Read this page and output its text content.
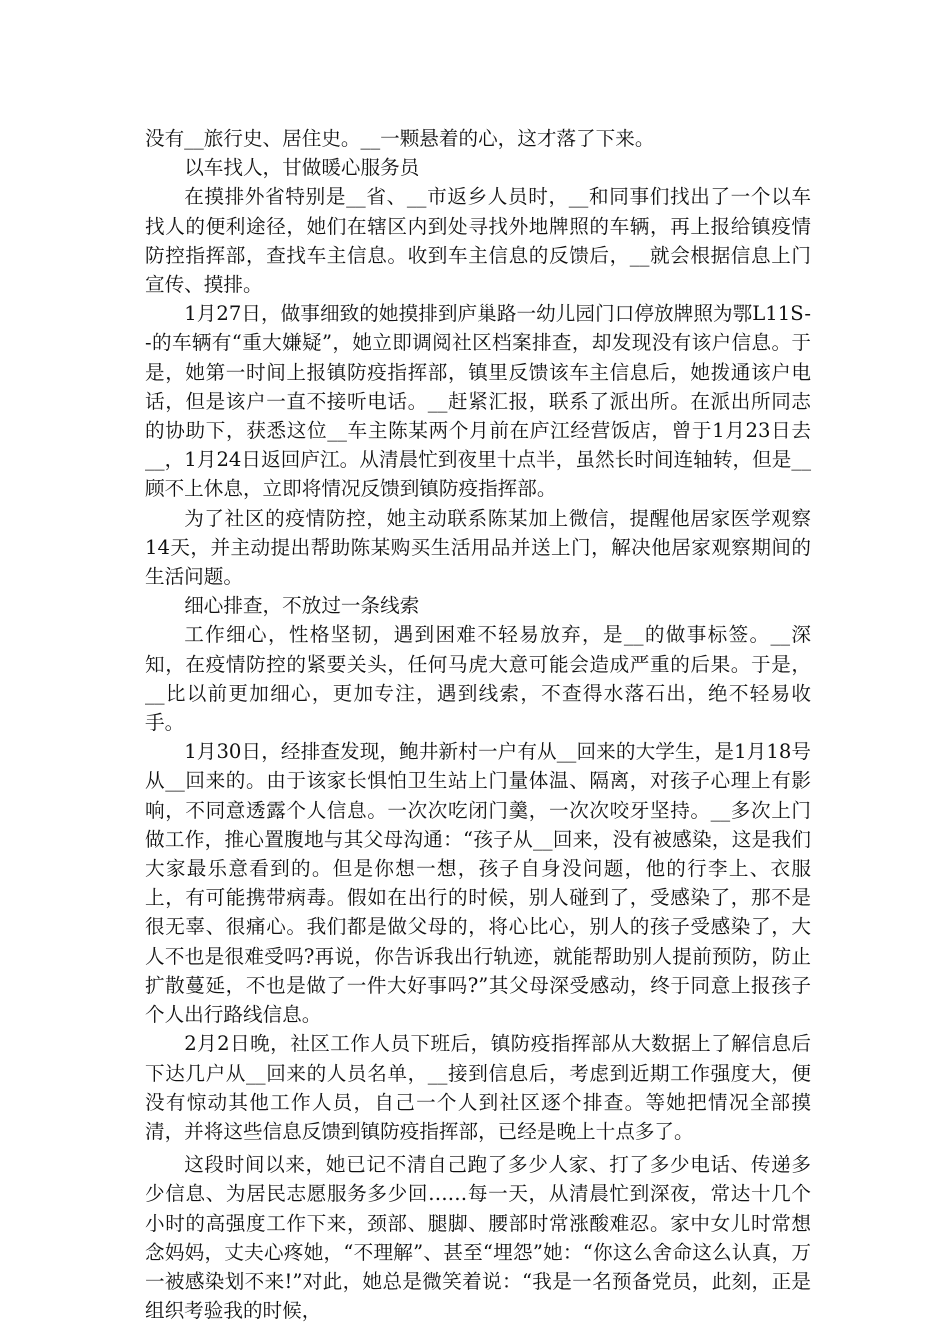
没有__旅行史、居住史。__一颗悬着的心，这才落了下来。

以车找人，甘做暖心服务员

在摸排外省特别是__省、__市返乡人员时，__和同事们找出了一个以车找人的便利途径，她们在辖区内到处寻找外地牌照的车辆，再上报给镇疫情防控指挥部，查找车主信息。收到车主信息的反馈后，__就会根据信息上门宣传、摸排。

1月27日，做事细致的她摸排到庐巢路一幼儿园门口停放牌照为鄂L11S--的车辆有“重大嫌疑”，她立即调阅社区档案排查，却发现没有该户信息。于是，她第一时间上报镇防疫指挥部，镇里反馈该车主信息后，她拨通该户电话，但是该户一直不接听电话。__赶紧汇报，联系了派出所。在派出所同志的协助下，获悉这位__车主陈某两个月前在庐江经营饭店，曾于1月23日去__，1月24日返回庐江。从清晨忙到夜里十点半，虽然长时间连轴转，但是__顾不上休息，立即将情况反馈到镇防疫指挥部。

为了社区的疫情防控，她主动联系陈某加上微信，提醒他居家医学观察14天，并主动提出帮助陈某购买生活用品并送上门，解决他居家观察期间的生活问题。

细心排查，不放过一条线索

工作细心，性格坚韧，遇到困难不轻易放弃，是__的做事标签。__深知，在疫情防控的紧要关头，任何马虎大意可能会造成严重的后果。于是，__比以前更加细心，更加专注，遇到线索，不查得水落石出，绝不轻易收手。

1月30日，经排查发现，鲍井新村一户有从__回来的大学生，是1月18号从__回来的。由于该家长惧怕卫生站上门量体温、隔离，对孩子心理上有影响，不同意透露个人信息。一次次吃闭门羹，一次次咬牙坚持。__多次上门做工作，推心置腹地与其父母沟通：“孩子从__回来，没有被感染，这是我们大家最乐意看到的。但是你想一想，孩子自身没问题，他的行李上、衣服上，有可能携带病毒。假如在出行的时候，别人碰到了，受感染了，那不是很无辜、很痛心。我们都是做父母的，将心比心，别人的孩子受感染了，大人不也是很难受吗?再说，你告诉我出行轨迹，就能帮助别人提前预防，防止扩散蔓延，不也是做了一件大好事吗?”其父母深受感动，终于同意上报孩子个人出行路线信息。

2月2日晚，社区工作人员下班后，镇防疫指挥部从大数据上了解信息后下达几户从__回来的人员名单，__接到信息后，考虑到近期工作强度大，便没有惊动其他工作人员，自己一个人到社区逐个排查。等她把情况全部摸清，并将这些信息反馈到镇防疫指挥部，已经是晚上十点多了。

这段时间以来，她已记不清自己跑了多少人家、打了多少电话、传递多少信息、为居民志愿服务多少回……每一天，从清晨忙到深夜，常达十几个小时的高强度工作下来，颈部、腿脚、腰部时常涨酸难忍。家中女儿时常想念妈妈，丈夫心疼她，“不理解”、甚至“埋怨”她：“你这么舍命这么认真，万一被感染划不来!”对此，她总是微笑着说：“我是一名预备党员，此刻，正是组织考验我的时候，
